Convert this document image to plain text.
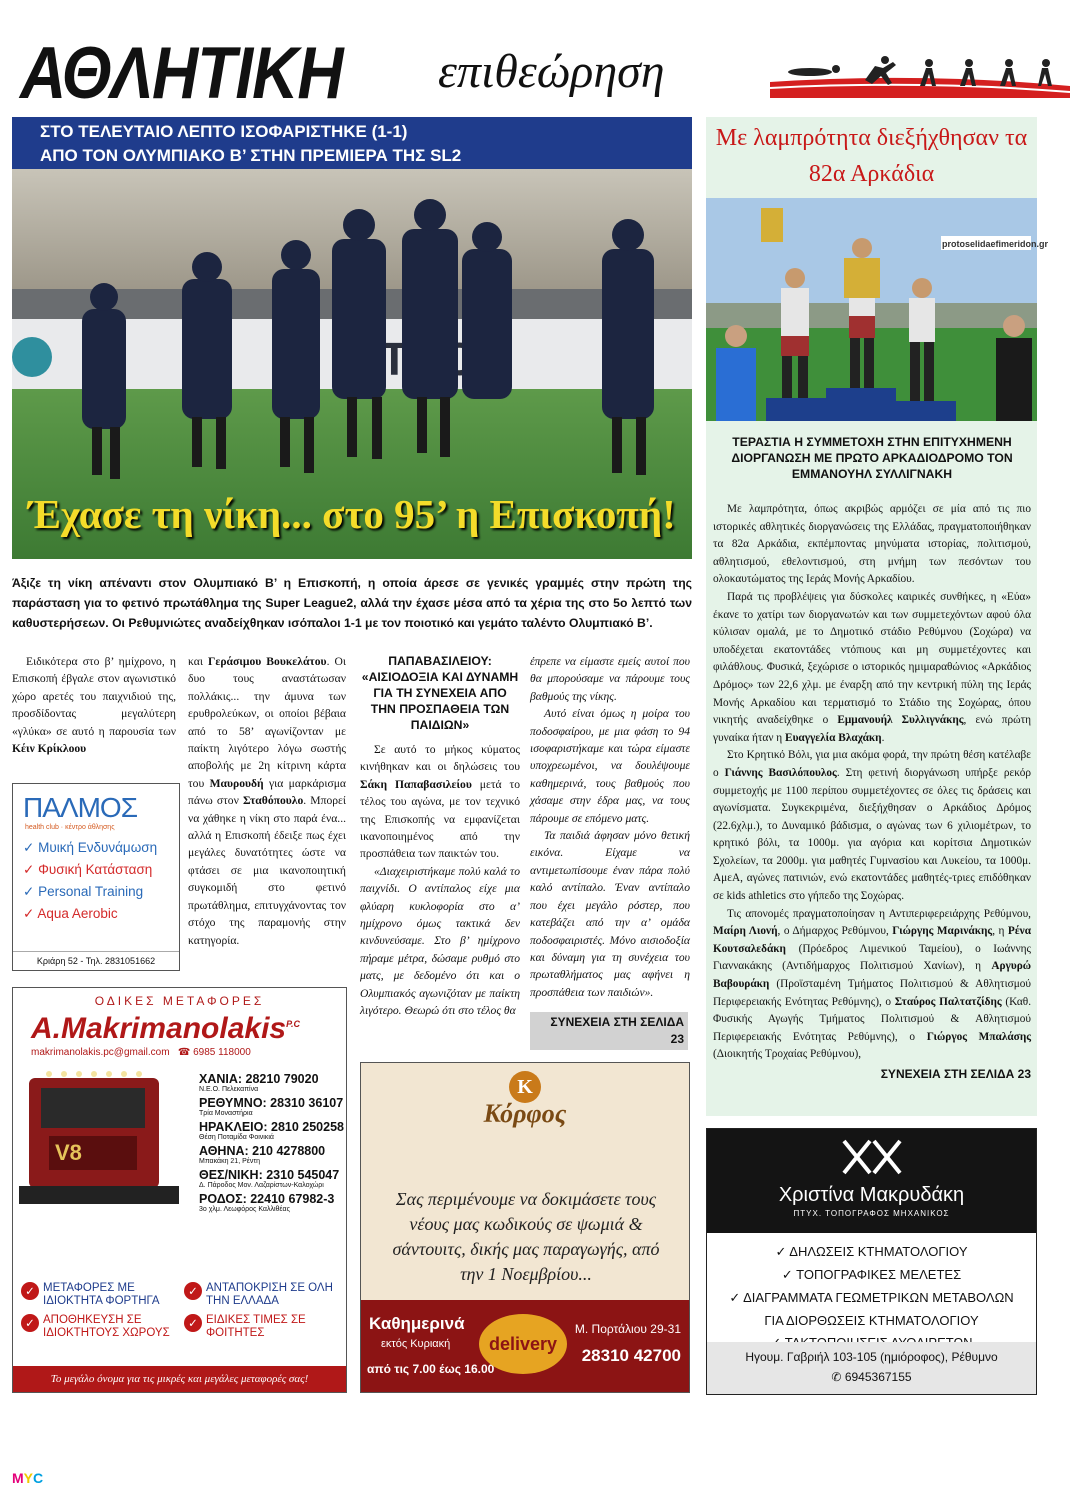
ΑΘΛΗΤΙΚΗ επιθεώρηση
ΣΤΟ ΤΕΛΕΥΤΑΙΟ ΛΕΠΤΟ ΙΣΟΦΑΡΙΣΤΗΚΕ (1-1)
ΑΠΟ ΤΟΝ ΟΛΥΜΠΙΑΚΟ Β’ ΣΤΗΝ ΠΡΕΜΙΕΡΑ ΤΗΣ SL2
Έχασε τη νίκη... στο 95’ η Επισκοπή!
Άξιζε τη νίκη απέναντι στον Ολυμπιακό Β’ η Επισκοπή, η οποία άρεσε σε γενικές γραμμές στην πρώτη της παράσταση για το φετινό πρωτάθλημα της Super League2, αλλά την έχασε μέσα από τα χέρια της στο 5ο λεπτό των καθυστερήσεων. Οι Ρεθυμνιώτες αναδείχθηκαν ισόπαλοι 1-1 με τον ποιοτικό και γεμάτο ταλέντο Ολυμπιακό Β’.

Ειδικότερα στο β’ ημίχρονο, η Επισκοπή έβγαλε στον αγωνιστικό χώρο αρετές του παιχνιδιού της, προσδίδοντας μεγαλύτερη «γλύκα» σε αυτό η παρουσία των Κέιν Κρίκλοου

και Γεράσιμου Βουκελάτου. Οι δυο τους αναστάτωσαν πολλάκις... την άμυνα των ερυθρολεύκων, οι οποίοι βέβαια από το 58’ αγωνίζονταν με παίκτη λιγότερο λόγω σωστής αποβολής με 2η κίτρινη κάρτα του Μαυρουδή για μαρκάρισμα πάνω στον Σταθόπουλο. Μπορεί να χάθηκε η νίκη στο παρά ένα... αλλά η Επισκοπή έδειξε πως έχει μεγάλες δυνατότητες ώστε να φτάσει σε μια ικανοποιητική συγκομιδή στο φετινό πρωτάθλημα, επιτυγχάνοντας τον στόχο της παραμονής στην κατηγορία.

ΠΑΠΑΒΑΣΙΛΕΙΟΥ: «ΑΙΣΙΟΔΟΞΙΑ ΚΑΙ ΔΥΝΑΜΗ ΓΙΑ ΤΗ ΣΥΝΕΧΕΙΑ ΑΠΟ ΤΗΝ ΠΡΟΣΠΑΘΕΙΑ ΤΩΝ ΠΑΙΔΙΩΝ»

Σε αυτό το μήκος κύματος κινήθηκαν και οι δηλώσεις του Σάκη Παπαβασιλείου μετά το τέλος του αγώνα, με τον τεχνικό της Επισκοπής να εμφανίζεται ικανοποιημένος από την προσπάθεια των παικτών του.

«Διαχειριστήκαμε πολύ καλά το παιχνίδι. Ο αντίπαλος είχε μια φλύαρη κυκλοφορία στο α’ ημίχρονο όμως τακτικά δεν κινδυνεύσαμε. Στο β’ ημίχρονο πήραμε μέτρα, δώσαμε ρυθμό στο ματς, με δεδομένο ότι και ο Ολυμπιακός αγωνιζόταν με παίκτη λιγότερο. Θεωρώ ότι στο τέλος θα

έπρεπε να είμαστε εμείς αυτοί που θα μπορούσαμε να πάρουμε τους βαθμούς της νίκης.

Αυτό είναι όμως η μοίρα του ποδοσφαίρου, με μια φάση το 94 ισοφαριστήκαμε και τώρα είμαστε υποχρεωμένοι, να δουλέψουμε καθημερινά, τους βαθμούς που χάσαμε στην έδρα μας, να τους πάρουμε σε επόμενο ματς.

Τα παιδιά άφησαν μόνο θετική εικόνα. Είχαμε να αντιμετωπίσουμε έναν πάρα πολύ καλό αντίπαλο. Έναν αντίπαλο που έχει μεγάλο ρόστερ, που κατεβάζει από την α’ ομάδα ποδοσφαιριστές. Μόνο αισιοδοξία και δύναμη για τη συνέχεια του πρωταθλήματος μας αφήνει η προσπάθεια των παιδιών».

ΣΥΝΕΧΕΙΑ ΣΤΗ ΣΕΛΙΔΑ 23
Με λαμπρότητα διεξήχθησαν τα 82α Αρκάδια
protoselidaefimeridon.gr
ΤΕΡΑΣΤΙΑ Η ΣΥΜΜΕΤΟΧΗ ΣΤΗΝ ΕΠΙΤΥΧΗΜΕΝΗ ΔΙΟΡΓΑΝΩΣΗ ΜΕ ΠΡΩΤΟ ΑΡΚΑΔΙΟΔΡΟΜΟ ΤΟΝ ΕΜΜΑΝΟΥΗΛ ΣΥΛΛΙΓΝΑΚΗ

Με λαμπρότητα, όπως ακριβώς αρμόζει σε μία από τις πιο ιστορικές αθλητικές διοργανώσεις της Ελλάδας, πραγματοποιήθηκαν τα 82α Αρκάδια, εκπέμποντας μηνύματα ιστορίας, πολιτισμού, αθλητισμού, εθελοντισμού, στη μνήμη των πεσόντων του ολοκαυτώματος της Ιεράς Μονής Αρκαδίου.

Παρά τις προβλέψεις για δύσκολες καιρικές συνθήκες, η «Εύα» έκανε το χατίρι των διοργανωτών και των συμμετεχόντων αφού όλα κύλισαν ομαλά, με το Δημοτικό στάδιο Ρεθύμνου (Σοχώρα) να υποδέχεται εκατοντάδες ντόπιους και μη συμμετέχοντες και φιλάθλους. Φυσικά, ξεχώρισε ο ιστορικός ημιμαραθώνιος «Αρκάδιος Δρόμος» των 22,6 χλμ. με έναρξη από την κεντρική πύλη της Ιεράς Μονής Αρκαδίου και τερματισμό το Στάδιο της Σοχώρας, όπου νικητής αναδείχθηκε ο Εμμανουήλ Συλλιγνάκης, ενώ πρώτη γυναίκα ήταν η Ευαγγελία Βλαχάκη.

Στο Κρητικό Βόλι, για μια ακόμα φορά, την πρώτη θέση κατέλαβε ο Γιάννης Βασιλόπουλος. Στη φετινή διοργάνωση υπήρξε ρεκόρ συμμετοχής με 1100 περίπου συμμετέχοντες σε όλες τις δράσεις και αγωνίσματα. Συγκεκριμένα, διεξήχθησαν ο Αρκάδιος Δρόμος (22.6χλμ.), το Δυναμικό βάδισμα, ο αγώνας των 6 χιλιομέτρων, το κρητικό βόλι, τα 1000μ. για αγόρια και κορίτσια Δημοτικών Σχολείων, τα 2000μ. για μαθητές Γυμνασίου και Λυκείου, τα 1000μ. ΑμεΑ, αγώνες πατινιών, ενώ εκατοντάδες μαθητές-τριες επιδόθηκαν σε kids athletics στο γήπεδο της Σοχώρας.

Τις απονομές πραγματοποίησαν η Αντιπεριφερειάρχης Ρεθύμνου, Μαίρη Λιονή, ο Δήμαρχος Ρεθύμνου, Γιώργης Μαρινάκης, η Ρένα Κουτσαλεδάκη (Πρόεδρος Λιμενικού Ταμείου), ο Ιωάννης Γιαννακάκης (Αντιδήμαρχος Πολιτισμού Χανίων), η Αργυρώ Βαβουράκη (Προϊσταμένη Τμήματος Πολιτισμού & Αθλητισμού Περιφερειακής Ενότητας Ρεθύμνης), ο Σταύρος Παλτατζίδης (Καθ. Φυσικής Αγωγής Τμήματος Πολιτισμού & Αθλητισμού Περιφερειακής Ενότητας Ρεθύμνης), ο Γιώργος Μπαλάσης (Διοικητής Τροχαίας Ρεθύμνου),

ΣΥΝΕΧΕΙΑ ΣΤΗ ΣΕΛΙΔΑ 23
ΠΑΛΜΟΣ
health club · κέντρο άθλησης
✓ Μυική Ενδυνάμωση
✓ Φυσική Κατάσταση
✓ Personal Training
✓ Aqua Aerobic
Κριάρη 52 - Τηλ. 2831051662
ΟΔΙΚΕΣ ΜΕΤΑΦΟΡΕΣ
A.Makrimanolakis$^{P.C}$
makrimanolakis.pc@gmail.com ☎ 6985 118000
V8
ΧΑΝΙΑ: 28210 79020
Ν.Ε.Ο. Πελεκαπίνα
ΡΕΘΥΜΝΟ: 28310 36107
Τρία Μοναστήρια
ΗΡΑΚΛΕΙΟ: 2810 250258
Θέση Ποταμίδα Φοινικιά
ΑΘΗΝΑ: 210 4278800
Μπακάκη 21, Ρέντη
ΘΕΣ/ΝΙΚΗ: 2310 545047
Δ. Πάροδος Μον. Λαζαρίστων-Καλοχώρι
ΡΟΔΟΣ: 22410 67982-3
3ο χλμ. Λεωφόρος Καλλιθέας
✓ ΜΕΤΑΦΟΡΕΣ ΜΕ ΙΔΙΟΚΤΗΤΑ ΦΟΡΤΗΓΑ
✓ ΑΝΤΑΠΟΚΡΙΣΗ ΣΕ ΟΛΗ ΤΗΝ ΕΛΛΑΔΑ
✓ ΑΠΟΘΗΚΕΥΣΗ ΣΕ ΙΔΙΟΚΤΗΤΟΥΣ ΧΩΡΟΥΣ
✓ ΕΙΔΙΚΕΣ ΤΙΜΕΣ ΣΕ ΦΟΙΤΗΤΕΣ
Το μεγάλο όνομα για τις μικρές και μεγάλες μεταφορές σας!
K
Κόρφος
Σας περιμένουμε να δοκιμάσετε τους νέους μας κωδικούς σε ψωμιά & σάντουιτς, δικής μας παραγωγής, από την 1 Νοεμβρίου...
Καθημερινά
εκτός Κυριακή
από τις 7.00 έως 16.00
delivery
Μ. Πορτάλιου 29-31
28310 42700
Χριστίνα Μακρυδάκη
ΠΤΥΧ. ΤΟΠΟΓΡΑΦΟΣ ΜΗΧΑΝΙΚΟΣ
✓ ΔΗΛΩΣΕΙΣ ΚΤΗΜΑΤΟΛΟΓΙΟΥ
✓ ΤΟΠΟΓΡΑΦΙΚΕΣ ΜΕΛΕΤΕΣ
✓ ΔΙΑΓΡΑΜΜΑΤΑ ΓΕΩΜΕΤΡΙΚΩΝ ΜΕΤΑΒΟΛΩΝ
ΓΙΑ ΔΙΟΡΘΩΣΕΙΣ ΚΤΗΜΑΤΟΛΟΓΙΟΥ
Ηγουμ. Γαβριήλ 103-105 (ημιόροφος), Ρέθυμνο
✆ 6945367155
MYC
